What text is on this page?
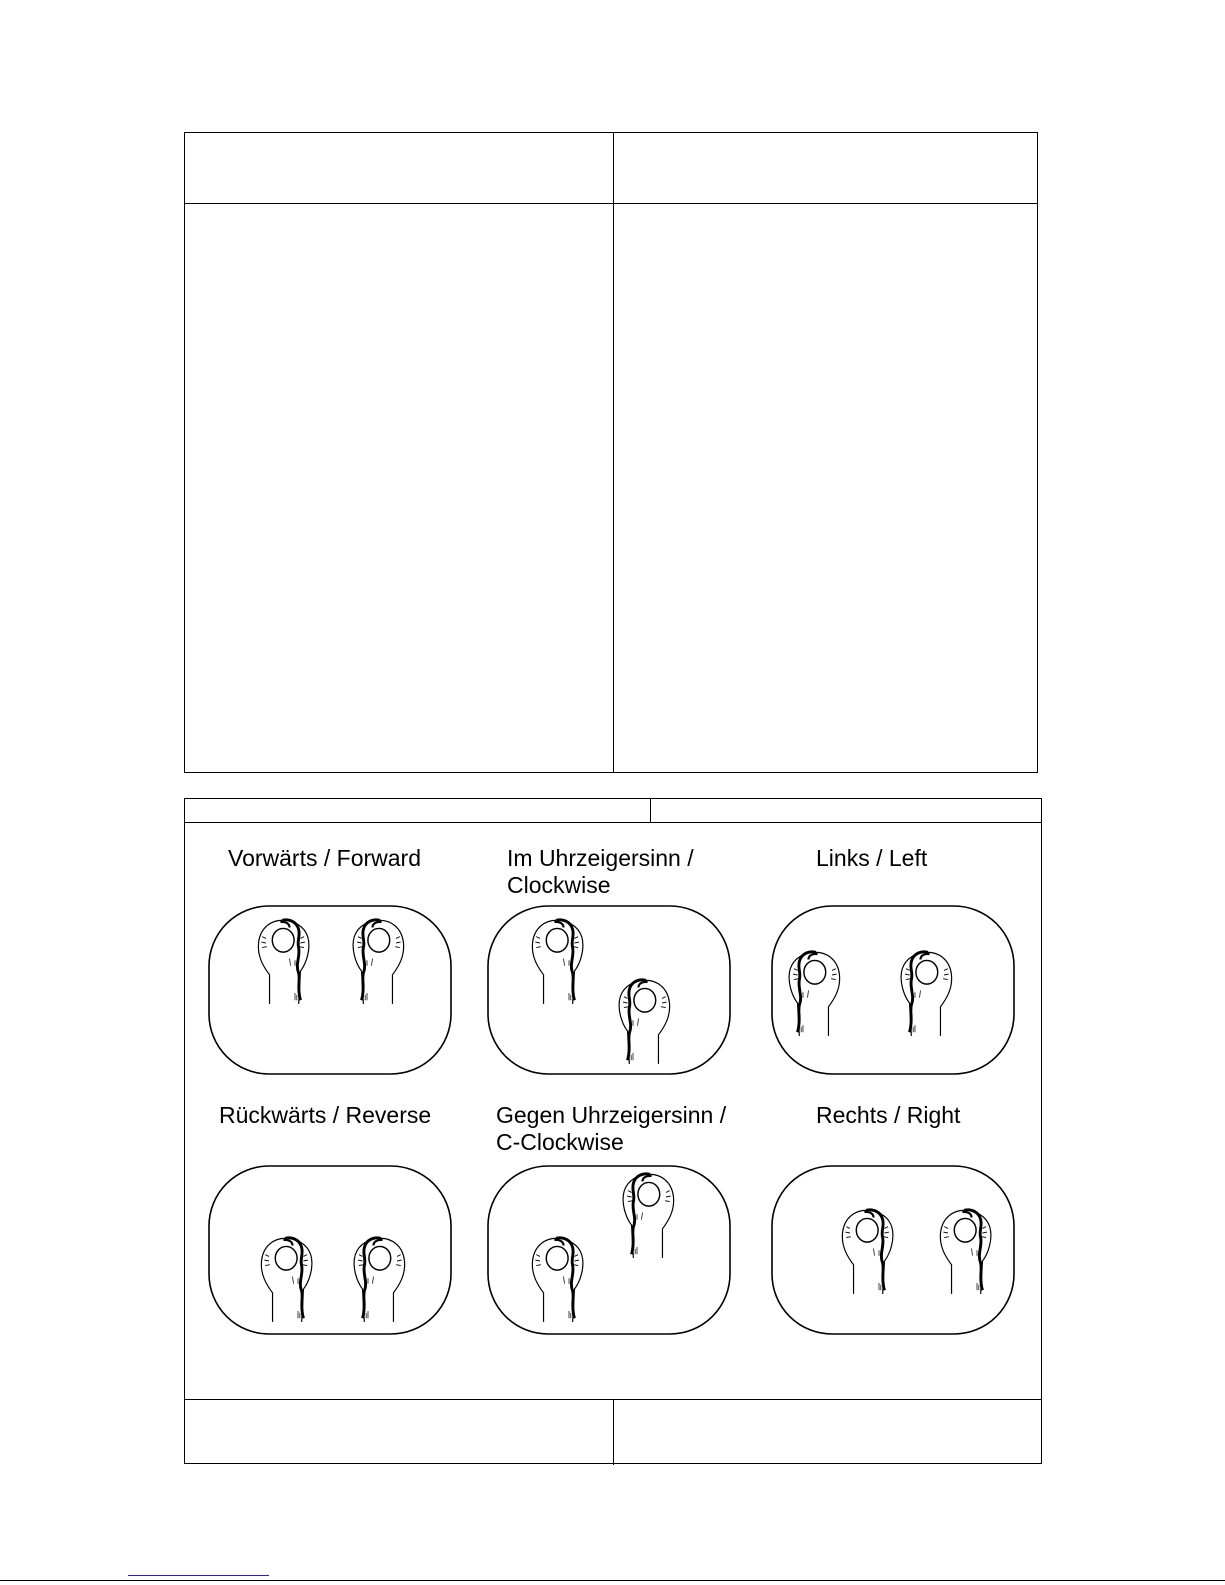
Vorwärts / Forward	Im Uhrzeigersinn /
Clockwise
Links / Left
Rückwärts / Reverse	Gegen Uhrzeigersinn /
C-Clockwise
Rechts / Right
